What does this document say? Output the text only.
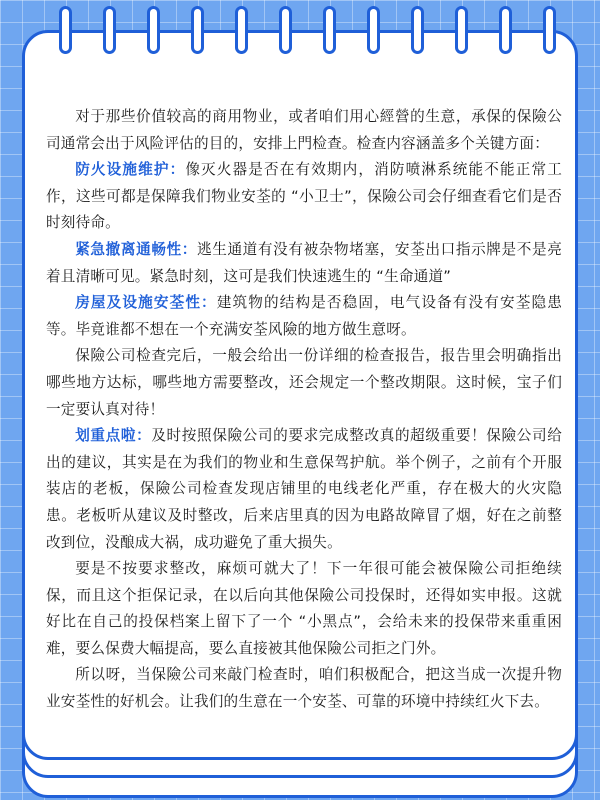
对于那些价值较高的商用物业，或者咱们用心經營的生意，承保的保險公司通常会出于风险评估的目的，安排上門检查。检查内容涵盖多个关键方面：

防火设施维护：像灭火器是否在有效期内，消防喷淋系统能不能正常工作，这些可都是保障我们物业安荃的 “小卫士”，保險公司会仔细查看它们是否时刻待命。

紧急撤离通畅性：逃生通道有没有被杂物堵塞，安荃出口指示牌是不是亮着且清晰可见。紧急时刻，这可是我们快速逃生的 “生命通道”

房屋及设施安荃性：建筑物的结构是否稳固，电气设备有没有安荃隐患等。毕竟谁都不想在一个充满安荃风險的地方做生意呀。

保險公司检查完后，一般会给出一份详细的检查报告，报告里会明确指出哪些地方达标，哪些地方需要整改，还会规定一个整改期限。这时候，宝子们一定要认真对待！

划重点啦：及时按照保險公司的要求完成整改真的超级重要！保險公司给出的建议，其实是在为我们的物业和生意保驾护航。举个例子，之前有个开服装店的老板，保險公司检查发现店铺里的电线老化严重，存在极大的火灾隐患。老板听从建议及时整改，后来店里真的因为电路故障冒了烟，好在之前整改到位，没酿成大祸，成功避免了重大损失。

要是不按要求整改，麻烦可就大了！下一年很可能会被保險公司拒绝续保，而且这个拒保记录，在以后向其他保險公司投保时，还得如实申报。这就好比在自己的投保档案上留下了一个 “小黑点”，会给未来的投保带来重重困难，要么保费大幅提高，要么直接被其他保險公司拒之门外。

所以呀，当保險公司来敲门检查时，咱们积极配合，把这当成一次提升物业安荃性的好机会。让我们的生意在一个安荃、可靠的环境中持续红火下去。
